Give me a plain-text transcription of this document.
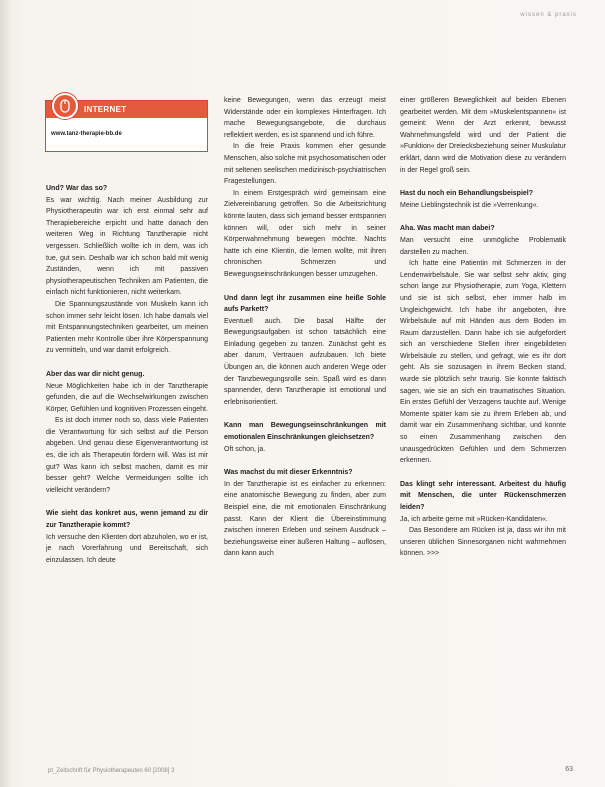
wissen & praxis
INTERNET
www.tanz-therapie-bb.de
Und? War das so?

Es war wichtig. Nach meiner Ausbildung zur Physiotherapeutin war ich erst einmal sehr auf Therapiebereiche erpicht und hatte danach den weiteren Weg in Richtung Tanztherapie nicht vergessen. Schließlich wollte ich in dem, was ich tue, gut sein. Deshalb war ich schon bald mit wenig Zuständen, wenn ich mit passiven physiotherapeutischen Techniken am Patienten, die einfach nicht funktionieren, nicht weiterkam.

Die Spannungszustände von Muskeln kann ich schon immer sehr leicht lösen. Ich habe damals viel mit Entspannungstechniken gearbeitet, um meinen Patienten mehr Kontrolle über ihre Körperspannung zu vermitteln, und war damit erfolgreich.

Aber das war dir nicht genug.

Neue Möglichkeiten habe ich in der Tanztherapie gefunden, die auf die Wechselwirkungen zwischen Körper, Gefühlen und kognitiven Prozessen eingeht.

Es ist doch immer noch so, dass viele Patienten die Verantwortung für sich selbst auf die Person abgeben. Und genau diese Eigenverantwortung ist es, die ich als Therapeutin fördern will. Was ist mir gut? Was kann ich selbst machen, damit es mir besser geht? Welche Vermeidungen sollte ich vielleicht verändern?

Wie sieht das konkret aus, wenn jemand zu dir zur Tanztherapie kommt?

Ich versuche den Klienten dort abzuholen, wo er ist, je nach Vorerfahrung und Bereitschaft, sich einzulassen. Ich deute

keine Bewegungen, wenn das erzeugt meist Widerstände oder ein komplexes Hinterfragen. Ich mache Bewegungsangebote, die durchaus reflektiert werden, es ist spannend und ich führe.

In die freie Praxis kommen eher gesunde Menschen, also solche mit psychosomatischen oder mit seltenen seelischen medizinisch-psychiatrischen Fragestellungen.

In einem Erstgespräch wird gemeinsam eine Zielvereinbarung getroffen. So die Arbeitsrichtung könnte lauten, dass sich jemand besser entspannen können will, oder sich mehr in seiner Körperwahrnehmung bewegen möchte. Nachts hatte ich eine Klientin, die lernen wollte, mit ihren chronischen Schmerzen und Bewegungseinschränkungen besser umzugehen.

Und dann legt ihr zusammen eine heiße Sohle aufs Parkett?

Eventuell auch. Die basal Hälfte der Bewegungsaufgaben ist schon tatsächlich eine Einladung gegeben zu tanzen. Zunächst geht es aber darum, Vertrauen aufzubauen. Ich biete Übungen an, die können auch anderen Wege oder der Tanzbewegungsrolle sein. Spaß wird es dann spannender, denn Tanztherapie ist emotional und erlebnisorientiert.

Kann man Bewegungseinschränkungen mit emotionalen Einschränkungen gleichsetzen?

Oft schon, ja.

Was machst du mit dieser Erkenntnis?

In der Tanztherapie ist es einfacher zu erkennen: eine anatomische Bewegung zu finden, aber zum Beispiel eine, die mit emotionalen Einschränkung passt. Kann der Klient die Übereinstimmung zwischen inneren Erleben und seinem Ausdruck – beziehungsweise einer äußeren Haltung – auflösen, dann kann auch

einer größeren Beweglichkeit auf beiden Ebenen gearbeitet werden. Mit dem »Muskelentspannen« ist gemeint: Wenn der Arzt erkennt, bewusst Wahrnehmungsfeld wird und der Patient die »Funktion« der Dreiecksbeziehung seiner Muskulatur erklärt, dann wird die Motivation diese zu verändern in der Regel groß sein.

Hast du noch ein Behandlungsbeispiel?

Meine Lieblingstechnik ist die »Verrenkung«.

Aha. Was macht man dabei?

Man versucht eine unmögliche Problematik darstellen zu machen.

Ich hatte eine Patientin mit Schmerzen in der Lendenwirbelsäule. Sie war selbst sehr aktiv, ging schon lange zur Physiotherapie, zum Yoga, Klettern und sie ist sich selbst, eher immer halb im Ungleichgewicht. Ich habe ihr angeboten, ihre Wirbelsäule auf mit Händen aus dem Boden im Raum darzustellen. Dann habe ich sie aufgefordert sich an verschiedene Stellen ihrer eingebildeten Wirbelsäule zu stellen, und gefragt, wie es ihr dort geht. Als sie sozusagen in ihrem Becken stand, wurde sie plötzlich sehr traurig. Sie konnte faktisch sagen, wie sie an sich ein traumatisches Situation. Ein erstes Gefühl der Verzagens tauchte auf. Wenige Momente später kam sie zu ihrem Erleben ab, und damit war ein Zusammenhang sichtbar, und konnte so einen Zusammenhang zwischen den unausgedrückten Gefühlen und dem Schmerzen erkennen.

Das klingt sehr interessant. Arbeitest du häufig mit Menschen, die unter Rückenschmerzen leiden?

Ja, ich arbeite gerne mit »Rücken-Kandidaten«.

Das Besondere am Rücken ist ja, dass wir ihn mit unseren üblichen Sinnesorganen nicht wahrnehmen können. >>>

pt_Zeitschrift für Physiotherapeuten 60 [2008] 3	63
